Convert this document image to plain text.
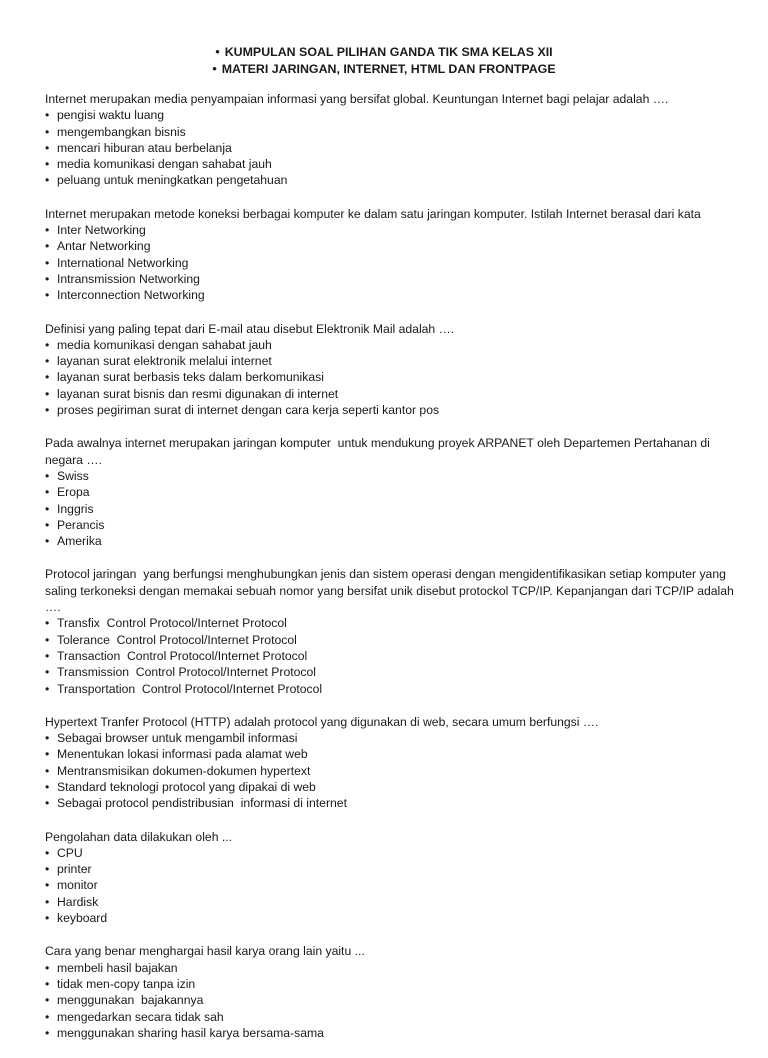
• KUMPULAN SOAL PILIHAN GANDA TIK SMA KELAS XII
• MATERI JARINGAN, INTERNET, HTML DAN FRONTPAGE

Internet merupakan media penyampaian informasi yang bersifat global. Keuntungan Internet bagi pelajar adalah ….

• pengisi waktu luang
• mengembangkan bisnis
• mencari hiburan atau berbelanja
• media komunikasi dengan sahabat jauh
• peluang untuk meningkatkan pengetahuan

Internet merupakan metode koneksi berbagai komputer ke dalam satu jaringan komputer. Istilah Internet berasal dari kata

• Inter Networking
• Antar Networking
• International Networking
• Intransmission Networking
• Interconnection Networking

Definisi yang paling tepat dari E-mail atau disebut Elektronik Mail adalah ….

• media komunikasi dengan sahabat jauh
• layanan surat elektronik melalui internet
• layanan surat berbasis teks dalam berkomunikasi
• layanan surat bisnis dan resmi digunakan di internet
• proses pegiriman surat di internet dengan cara kerja seperti kantor pos

Pada awalnya internet merupakan jaringan komputer  untuk mendukung proyek ARPANET oleh Departemen Pertahanan di negara ….

• Swiss
• Eropa
• Inggris
• Perancis
• Amerika

Protocol jaringan  yang berfungsi menghubungkan jenis dan sistem operasi dengan mengidentifikasikan setiap komputer yang saling terkoneksi dengan memakai sebuah nomor yang bersifat unik disebut protockol TCP/IP. Kepanjangan dari TCP/IP adalah ….

• Transfix  Control Protocol/Internet Protocol
• Tolerance  Control Protocol/Internet Protocol
• Transaction  Control Protocol/Internet Protocol
• Transmission  Control Protocol/Internet Protocol
• Transportation  Control Protocol/Internet Protocol

Hypertext Tranfer Protocol (HTTP) adalah protocol yang digunakan di web, secara umum berfungsi ….

• Sebagai browser untuk mengambil informasi
• Menentukan lokasi informasi pada alamat web
• Mentransmisikan dokumen-dokumen hypertext
• Standard teknologi protocol yang dipakai di web
• Sebagai protocol pendistribusian  informasi di internet

Pengolahan data dilakukan oleh ...

• CPU
• printer
• monitor
• Hardisk
• keyboard

Cara yang benar menghargai hasil karya orang lain yaitu ...

• membeli hasil bajakan
• tidak men-copy tanpa izin
• menggunakan  bajakannya
• mengedarkan secara tidak sah
• menggunakan sharing hasil karya bersama-sama
